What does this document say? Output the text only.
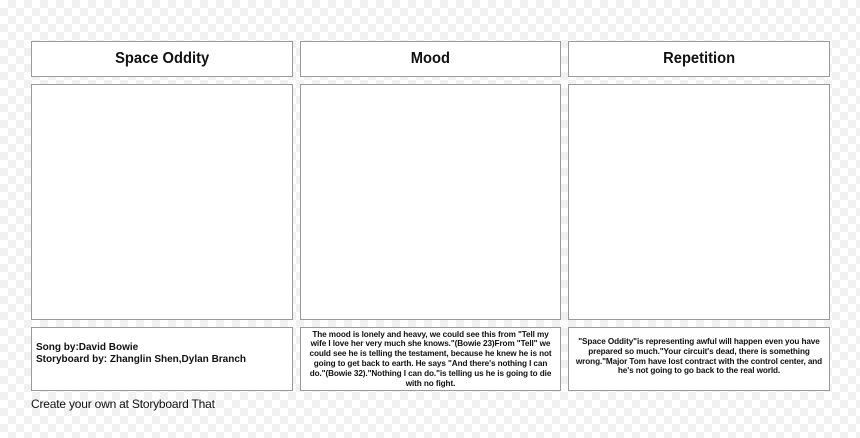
Space Oddity	Mood	Repetition
Song by:David Bowie
Storyboard by: Zhanglin Shen,Dylan Branch
The mood is lonely and heavy, we could see this from "Tell my wife I love her very much she knows."(Bowie 23)From "Tell" we could see he is telling the testament, because he knew he is not going to get back to earth. He says "And there's nothing I can do."(Bowie 32)."Nothing I can do."is telling us he is going to die with no fight.
"Space Oddity"is representing awful will happen even you have prepared so much."Your circuit's dead, there is something wrong."Major Tom have lost contract with the control center, and he's not going to go back to the real world.
Create your own at Storyboard That
